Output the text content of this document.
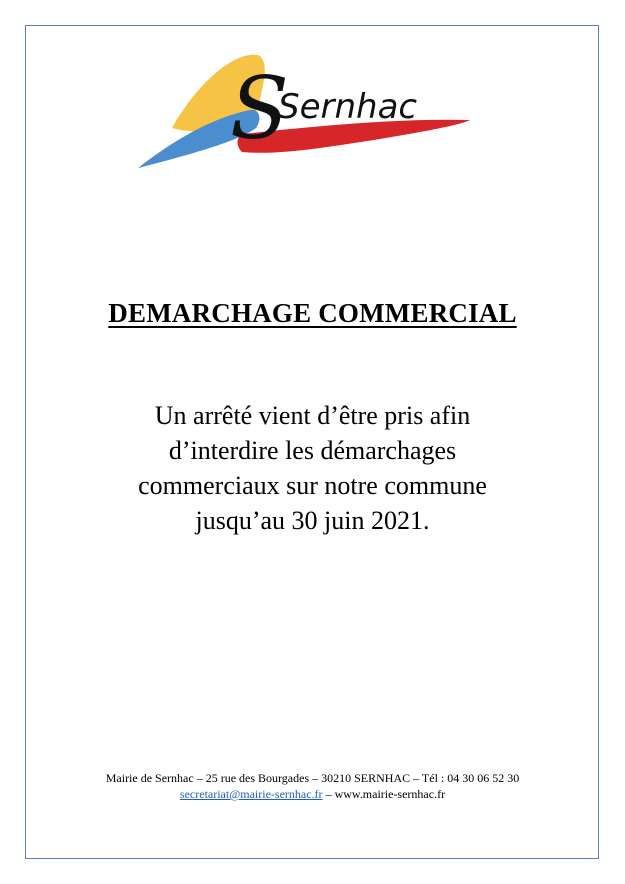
S
Sernhac
DEMARCHAGE COMMERCIAL
Un arrêté vient d’être pris afin
d’interdire les démarchages
commerciaux sur notre commune
jusqu’au 30 juin 2021.
Mairie de Sernhac – 25 rue des Bourgades – 30210 SERNHAC – Tél : 04 30 06 52 30
secretariat@mairie-sernhac.fr – www.mairie-sernhac.fr
